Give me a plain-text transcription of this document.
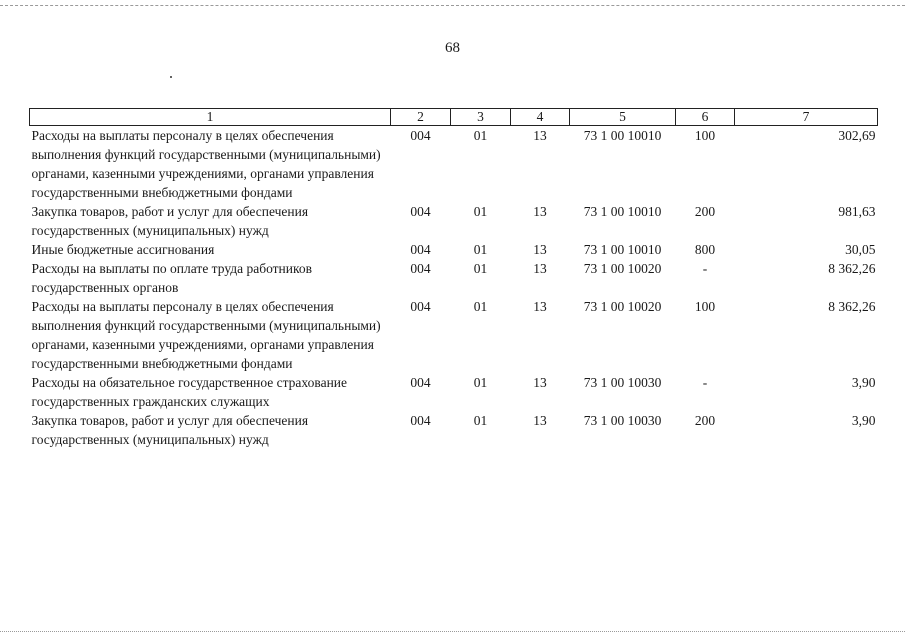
68
1	2	3	4	5	6	7
Расходы на выплаты персоналу в целях обеспечения выполнения функций государственными (муниципальными) органами, казенными учреждениями, органами управления государственными внебюджетными фондами	004	01	13	73 1 00 10010	100	302,69
Закупка товаров, работ и услуг для обеспечения государственных (муниципальных) нужд	004	01	13	73 1 00 10010	200	981,63
Иные бюджетные ассигнования	004	01	13	73 1 00 10010	800	30,05
Расходы на выплаты по оплате труда работников государственных органов	004	01	13	73 1 00 10020	-	8 362,26
Расходы на выплаты персоналу в целях обеспечения выполнения функций государственными (муниципальными) органами, казенными учреждениями, органами управления государственными внебюджетными фондами	004	01	13	73 1 00 10020	100	8 362,26
Расходы на обязательное государственное страхование государственных гражданских служащих	004	01	13	73 1 00 10030	-	3,90
Закупка товаров, работ и услуг для обеспечения государственных (муниципальных) нужд	004	01	13	73 1 00 10030	200	3,90
